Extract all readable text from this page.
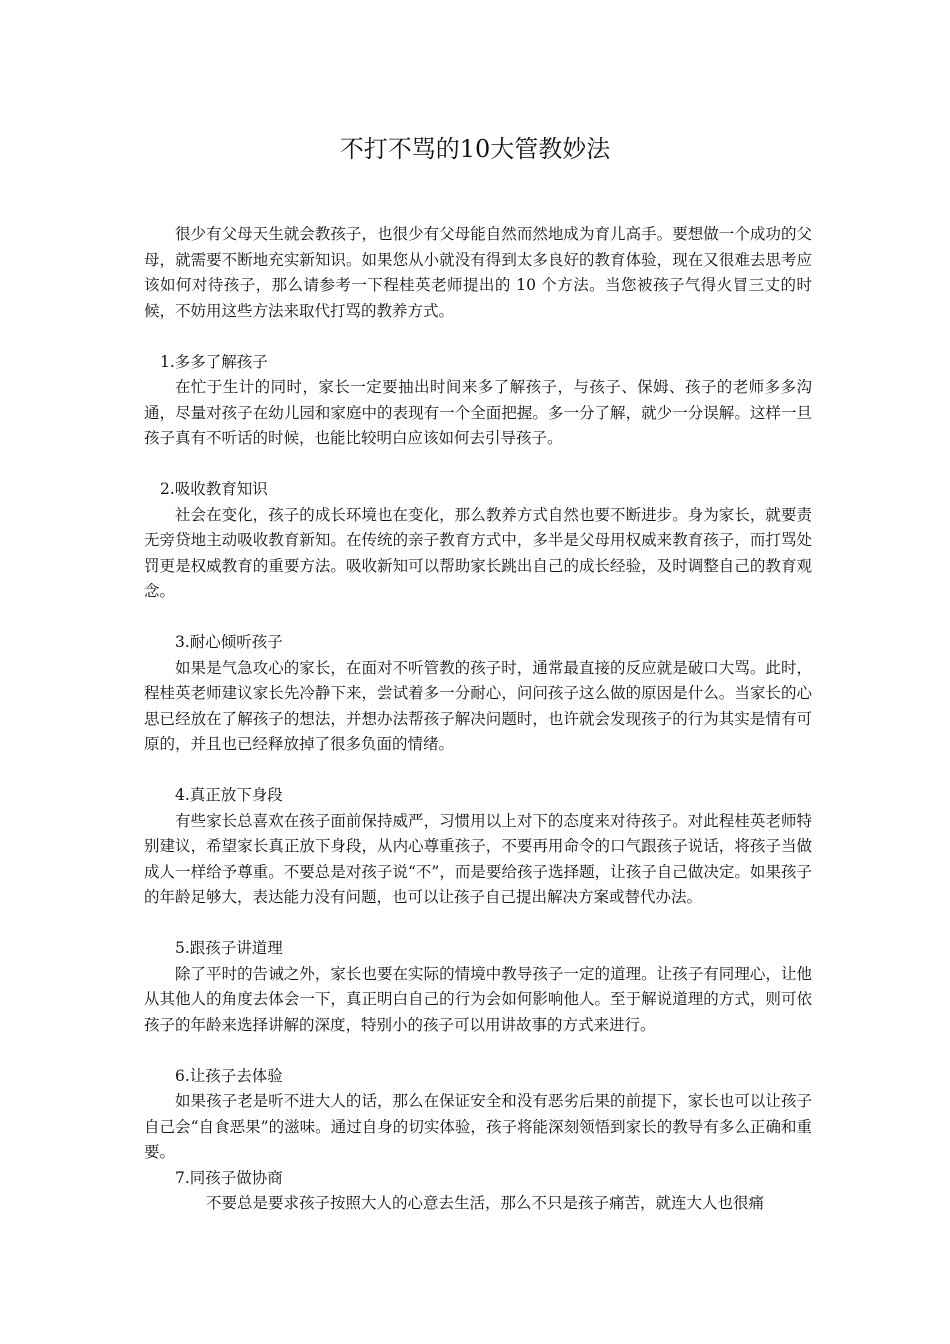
不打不骂的10大管教妙法

很少有父母天生就会教孩子，也很少有父母能自然而然地成为育儿高手。要想做一个成功的父母，就需要不断地充实新知识。如果您从小就没有得到太多良好的教育体验，现在又很难去思考应该如何对待孩子，那么请参考一下程桂英老师提出的 10 个方法。当您被孩子气得火冒三丈的时候，不妨用这些方法来取代打骂的教养方式。

1.多多了解孩子

在忙于生计的同时，家长一定要抽出时间来多了解孩子，与孩子、保姆、孩子的老师多多沟通，尽量对孩子在幼儿园和家庭中的表现有一个全面把握。多一分了解，就少一分误解。这样一旦孩子真有不听话的时候，也能比较明白应该如何去引导孩子。

2.吸收教育知识

社会在变化，孩子的成长环境也在变化，那么教养方式自然也要不断进步。身为家长，就要责无旁贷地主动吸收教育新知。在传统的亲子教育方式中，多半是父母用权威来教育孩子，而打骂处罚更是权威教育的重要方法。吸收新知可以帮助家长跳出自己的成长经验，及时调整自己的教育观念。

3.耐心倾听孩子

如果是气急攻心的家长，在面对不听管教的孩子时，通常最直接的反应就是破口大骂。此时，程桂英老师建议家长先冷静下来，尝试着多一分耐心，问问孩子这么做的原因是什么。当家长的心思已经放在了解孩子的想法，并想办法帮孩子解决问题时，也许就会发现孩子的行为其实是情有可原的，并且也已经释放掉了很多负面的情绪。

4.真正放下身段

有些家长总喜欢在孩子面前保持威严，习惯用以上对下的态度来对待孩子。对此程桂英老师特别建议，希望家长真正放下身段，从内心尊重孩子，不要再用命令的口气跟孩子说话，将孩子当做成人一样给予尊重。不要总是对孩子说“不”，而是要给孩子选择题，让孩子自己做决定。如果孩子的年龄足够大，表达能力没有问题，也可以让孩子自己提出解决方案或替代办法。

5.跟孩子讲道理

除了平时的告诫之外，家长也要在实际的情境中教导孩子一定的道理。让孩子有同理心，让他从其他人的角度去体会一下，真正明白自己的行为会如何影响他人。至于解说道理的方式，则可依孩子的年龄来选择讲解的深度，特别小的孩子可以用讲故事的方式来进行。

6.让孩子去体验

如果孩子老是听不进大人的话，那么在保证安全和没有恶劣后果的前提下，家长也可以让孩子自己会“自食恶果”的滋味。通过自身的切实体验，孩子将能深刻领悟到家长的教导有多么正确和重要。

7.同孩子做协商

不要总是要求孩子按照大人的心意去生活，那么不只是孩子痛苦，就连大人也很痛
